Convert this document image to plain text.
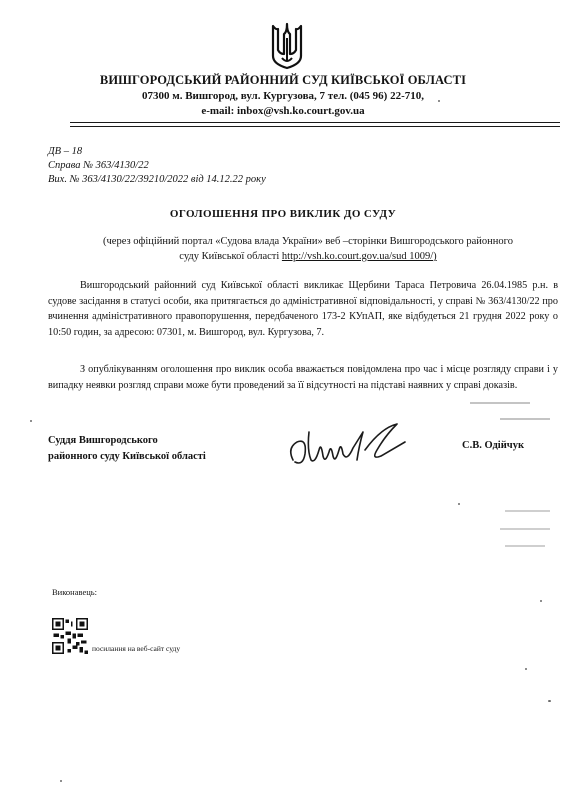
ВИШГОРОДСЬКИЙ РАЙОННИЙ СУД КИЇВСЬКОЇ ОБЛАСТІ
07300 м. Вишгород, вул. Кургузова, 7 тел. (045 96) 22-710,
e-mail: inbox@vsh.ko.court.gov.ua
ДВ – 18
Справа № 363/4130/22
Вих. № 363/4130/22/39210/2022 від 14.12.22 року
ОГОЛОШЕННЯ ПРО ВИКЛИК ДО СУДУ
(через офіційний портал «Судова влада України» веб –сторінки Вишгородського районного
суду Київської області http://vsh.ko.court.gov.ua/sud 1009/)
Вишгородський районний суд Київської області викликає Щербини Тараса Петровича 26.04.1985 р.н. в судове засідання в статусі особи, яка притягається до адміністративної відповідальності, у справі № 363/4130/22 про вчинення адміністративного правопорушення, передбаченого 173-2 КУпАП, яке відбудеться 21 грудня 2022 року о 10:50 годин, за адресою: 07301, м. Вишгород, вул. Кургузова, 7.
З опублікуванням оголошення про виклик особа вважається повідомлена про час і місце розгляду справи і у випадку неявки розгляд справи може бути проведений за її відсутності на підставі наявних у справі доказів.
Суддя Вишгородського
районного суду Київської області
С.В. Одійчук
Виконавець:
посилання на веб-сайт суду
